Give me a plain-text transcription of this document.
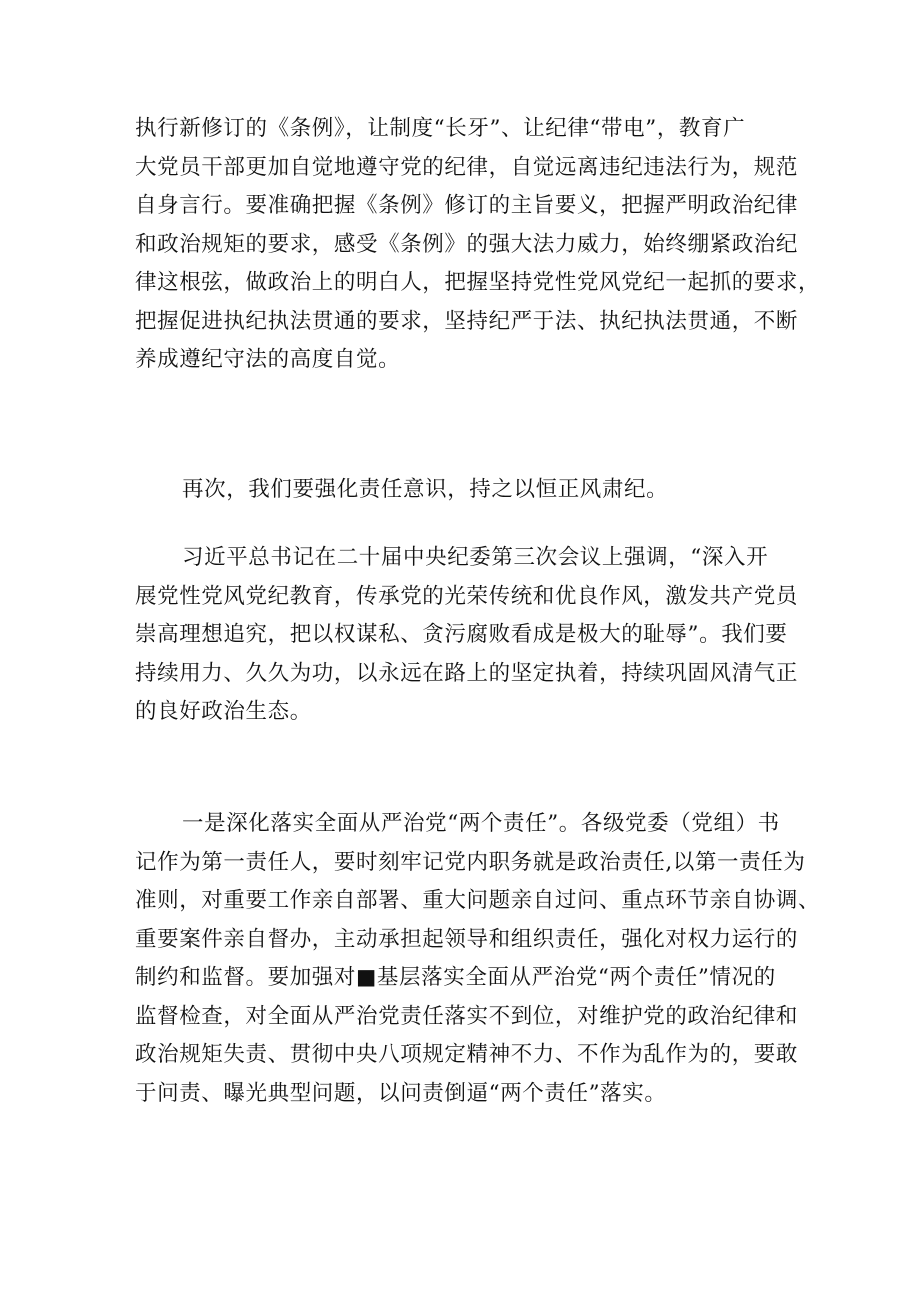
执行新修订的《条例》，让制度“长牙”、让纪律“带电”，教育广
大党员干部更加自觉地遵守党的纪律，自觉远离违纪违法行为，规范
自身言行。要准确把握《条例》修订的主旨要义，把握严明政治纪律
和政治规矩的要求，感受《条例》的强大法力威力，始终绷紧政治纪
律这根弦，做政治上的明白人，把握坚持党性党风党纪一起抓的要求，
把握促进执纪执法贯通的要求，坚持纪严于法、执纪执法贯通，不断
养成遵纪守法的高度自觉。
再次，我们要强化责任意识，持之以恒正风肃纪。
习近平总书记在二十届中央纪委第三次会议上强调，“深入开
展党性党风党纪教育，传承党的光荣传统和优良作风，激发共产党员
崇高理想追究，把以权谋私、贪污腐败看成是极大的耻辱”。我们要
持续用力、久久为功，以永远在路上的坚定执着，持续巩固风清气正
的良好政治生态。
一是深化落实全面从严治党“两个责任”。各级党委（党组）书
记作为第一责任人，要时刻牢记党内职务就是政治责任,以第一责任为
准则，对重要工作亲自部署、重大问题亲自过问、重点环节亲自协调、
重要案件亲自督办，主动承担起领导和组织责任，强化对权力运行的
制约和监督。要加强对■基层落实全面从严治党“两个责任”情况的
监督检查，对全面从严治党责任落实不到位，对维护党的政治纪律和
政治规矩失责、贯彻中央八项规定精神不力、不作为乱作为的，要敢
于问责、曝光典型问题，以问责倒逼“两个责任”落实。
